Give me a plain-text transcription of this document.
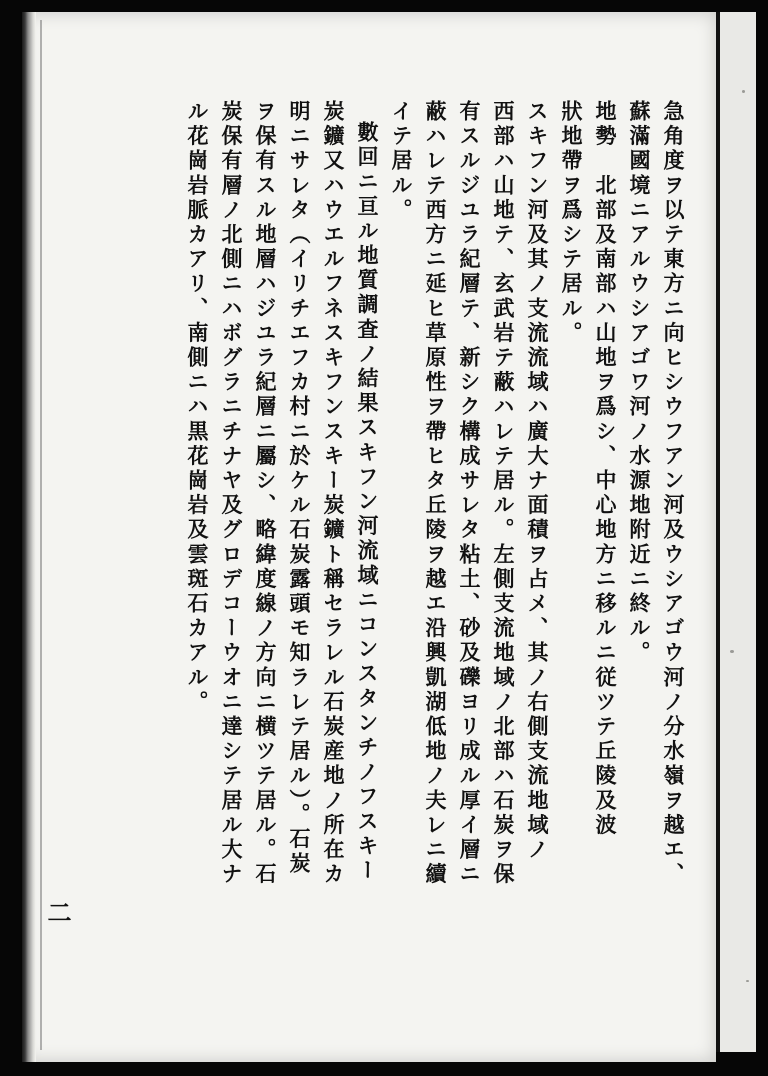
急角度ヲ以テ東方ニ向ヒシウフアン河及ウシアゴウ河ノ分水嶺ヲ越エ、
蘇滿國境ニアルウシアゴワ河ノ水源地附近ニ終ル。
地勢　北部及南部ハ山地ヲ爲シ、中心地方ニ移ルニ従ツテ丘陵及波
狀地帶ヲ爲シテ居ル。
スキフン河及其ノ支流流域ハ廣大ナ面積ヲ占メ、其ノ右側支流地域ノ
西部ハ山地テ、玄武岩テ蔽ハレテ居ル。左側支流地域ノ北部ハ石炭ヲ保
有スルジユラ紀層テ、新シク構成サレタ粘土、砂及礫ヨリ成ル厚イ層ニ
蔽ハレテ西方ニ延ヒ草原性ヲ帶ヒタ丘陵ヲ越エ沿興凱湖低地ノ夫レニ續
イテ居ル。
數回ニ亘ル地質調査ノ結果スキフン河流域ニコンスタンチノフスキー
炭鑛又ハウエルフネスキフンスキー炭鑛ト稱セラレル石炭産地ノ所在カ
明ニサレタ（イリチエフカ村ニ於ケル石炭露頭モ知ラレテ居ル）。石炭
ヲ保有スル地層ハジユラ紀層ニ屬シ、略緯度線ノ方向ニ横ツテ居ル。石
炭保有層ノ北側ニハボグラニチナヤ及グロデコーウオニ達シテ居ル大ナ
ル花崗岩脈カアリ、南側ニハ黒花崗岩及雲斑石カアル。
二
